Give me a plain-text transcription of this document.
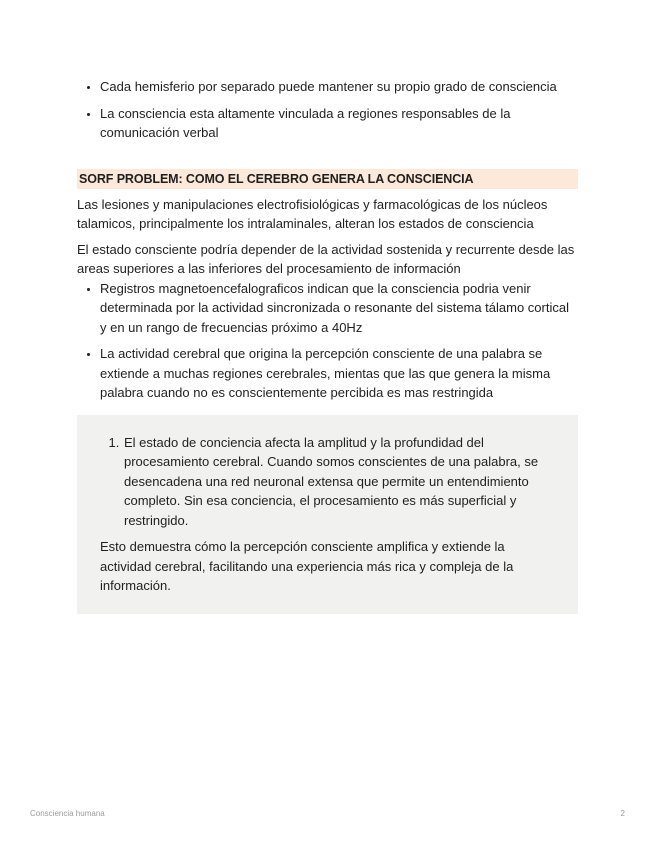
• Cada hemisferio por separado puede mantener su propio grado de consciencia
• La consciencia esta altamente vinculada a regiones responsables de la comunicación verbal
SORF PROBLEM: COMO EL CEREBRO GENERA LA CONSCIENCIA

Las lesiones y manipulaciones electrofisiológicas y farmacológicas de los núcleos talamicos, principalmente los intralaminales, alteran los estados de consciencia

El estado consciente podría depender de la actividad sostenida y recurrente desde las areas superiores a las inferiores del procesamiento de información

• Registros magnetoencefalograficos indican que la consciencia podria venir determinada por la actividad sincronizada o resonante del sistema tálamo cortical y en un rango de frecuencias próximo a 40Hz
• La actividad cerebral que origina la percepción consciente de una palabra se extiende a muchas regiones cerebrales, mientas que las que genera la misma palabra cuando no es conscientemente percibida es mas restringida
1. El estado de conciencia afecta la amplitud y la profundidad del procesamiento cerebral. Cuando somos conscientes de una palabra, se desencadena una red neuronal extensa que permite un entendimiento completo. Sin esa conciencia, el procesamiento es más superficial y restringido.

Esto demuestra cómo la percepción consciente amplifica y extiende la actividad cerebral, facilitando una experiencia más rica y compleja de la información.

Consciencia humana	2
